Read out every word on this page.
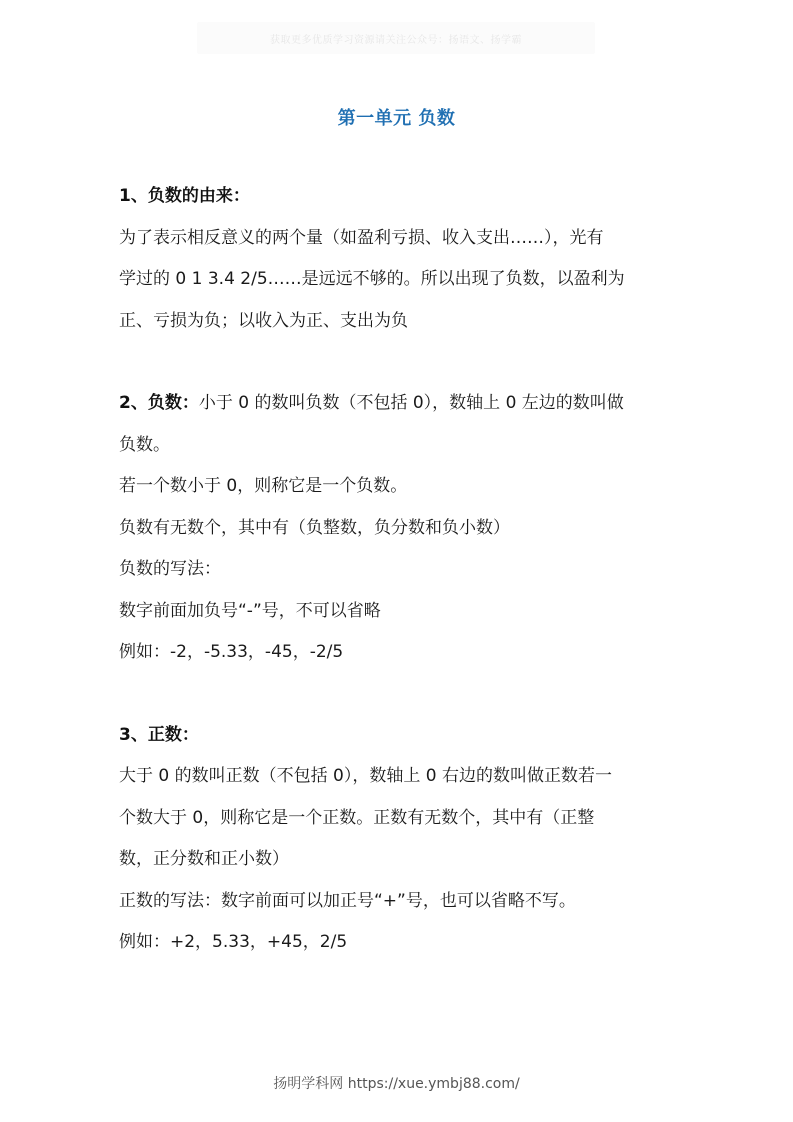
获取更多优质学习资源请关注公众号：扬语文、扬学霸
第一单元 负数
1、负数的由来：
为了表示相反意义的两个量（如盈利亏损、收入支出……），光有
学过的 0 1 3.4 2/5……是远远不够的。所以出现了负数，以盈利为
正、亏损为负；以收入为正、支出为负
2、负数：小于 0 的数叫负数（不包括 0），数轴上 0 左边的数叫做
负数。
若一个数小于 0，则称它是一个负数。
负数有无数个，其中有（负整数，负分数和负小数）
负数的写法：
数字前面加负号“-”号，不可以省略
例如：-2，-5.33，-45，-2/5
3、正数：
大于 0 的数叫正数（不包括 0），数轴上 0 右边的数叫做正数若一
个数大于 0，则称它是一个正数。正数有无数个，其中有（正整
数，正分数和正小数）
正数的写法：数字前面可以加正号“+”号，也可以省略不写。
例如：+2，5.33，+45，2/5
扬明学科网 https://xue.ymbj88.com/
